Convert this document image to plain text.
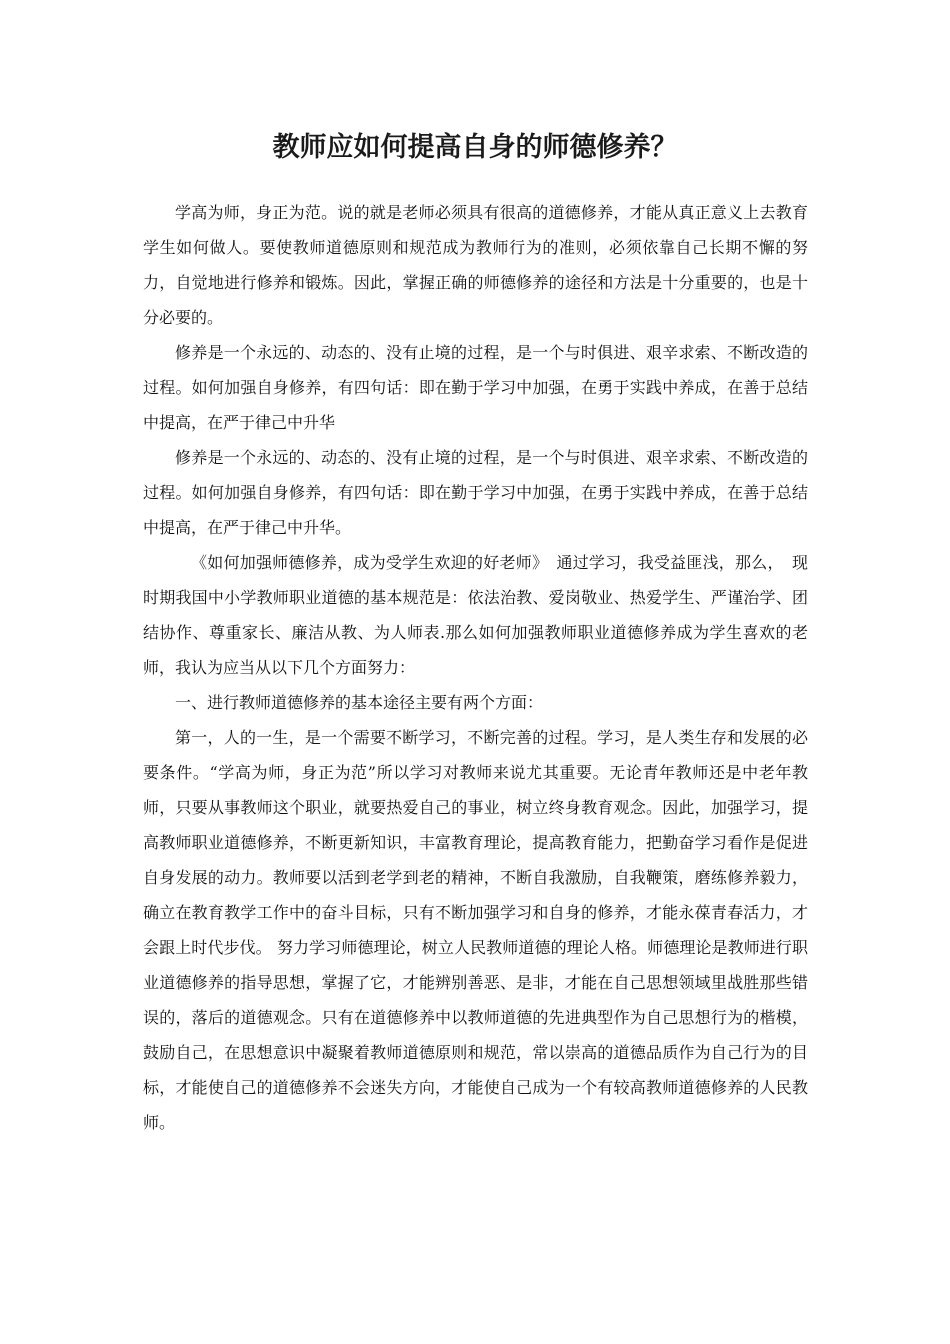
教师应如何提高自身的师德修养？

学高为师，身正为范。说的就是老师必须具有很高的道德修养，才能从真正意义上去教育学生如何做人。要使教师道德原则和规范成为教师行为的准则，必须依靠自己长期不懈的努力，自觉地进行修养和锻炼。因此，掌握正确的师德修养的途径和方法是十分重要的，也是十分必要的。

修养是一个永远的、动态的、没有止境的过程，是一个与时俱进、艰辛求索、不断改造的过程。如何加强自身修养，有四句话：即在勤于学习中加强，在勇于实践中养成，在善于总结中提高，在严于律己中升华

修养是一个永远的、动态的、没有止境的过程，是一个与时俱进、艰辛求索、不断改造的过程。如何加强自身修养，有四句话：即在勤于学习中加强，在勇于实践中养成，在善于总结中提高，在严于律己中升华。

《如何加强师德修养，成为受学生欢迎的好老师》　通过学习，我受益匪浅，那么，　现时期我国中小学教师职业道德的基本规范是：依法治教、爱岗敬业、热爱学生、严谨治学、团结协作、尊重家长、廉洁从教、为人师表.那么如何加强教师职业道德修养成为学生喜欢的老师，我认为应当从以下几个方面努力：

一、进行教师道德修养的基本途径主要有两个方面：

第一，人的一生，是一个需要不断学习，不断完善的过程。学习，是人类生存和发展的必要条件。“学高为师，身正为范”所以学习对教师来说尤其重要。无论青年教师还是中老年教师，只要从事教师这个职业，就要热爱自己的事业，树立终身教育观念。因此，加强学习，提高教师职业道德修养，不断更新知识，丰富教育理论，提高教育能力，把勤奋学习看作是促进自身发展的动力。教师要以活到老学到老的精神，不断自我激励，自我鞭策，磨练修养毅力，确立在教育教学工作中的奋斗目标，只有不断加强学习和自身的修养，才能永葆青春活力，才会跟上时代步伐。 努力学习师德理论，树立人民教师道德的理论人格。师德理论是教师进行职业道德修养的指导思想，掌握了它，才能辨别善恶、是非，才能在自己思想领域里战胜那些错误的，落后的道德观念。只有在道德修养中以教师道德的先进典型作为自己思想行为的楷模，鼓励自己，在思想意识中凝聚着教师道德原则和规范，常以崇高的道德品质作为自己行为的目标，才能使自己的道德修养不会迷失方向，才能使自己成为一个有较高教师道德修养的人民教师。
